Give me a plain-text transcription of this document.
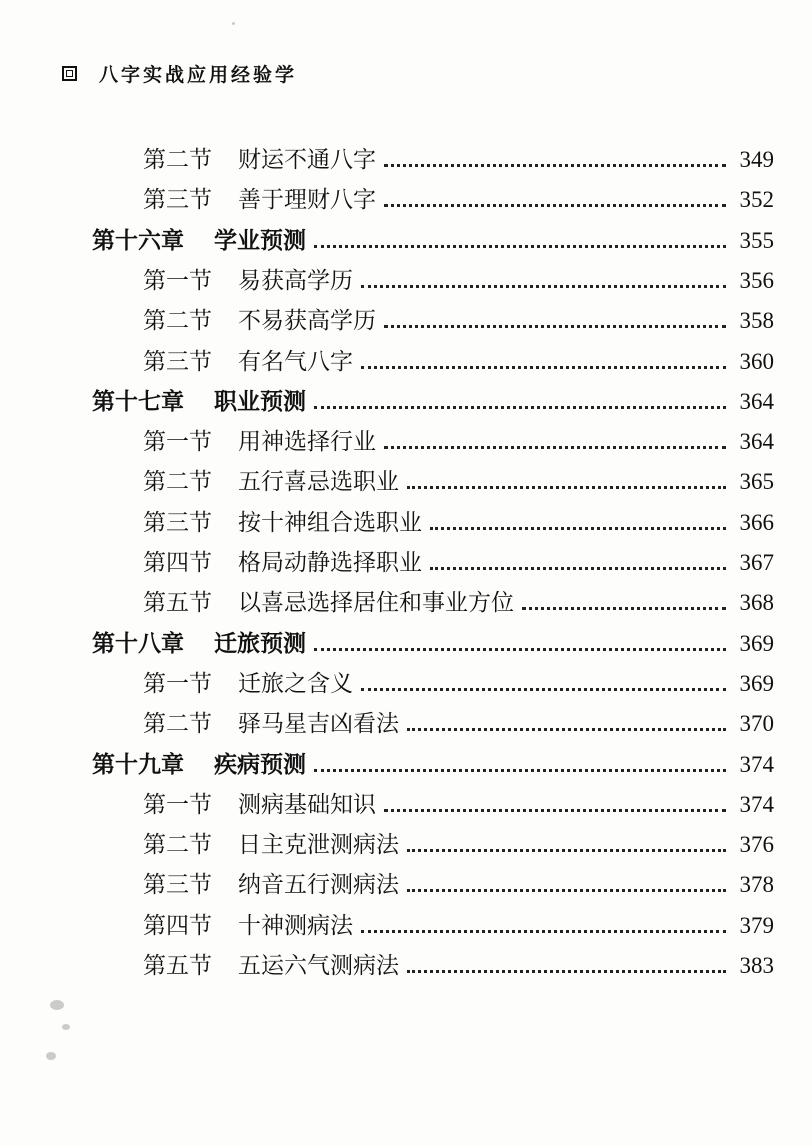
八字实战应用经验学
第二节 财运不通八字	349
第三节 善于理财八字	352
第十六章 学业预测	355
第一节 易获高学历	356
第二节 不易获高学历	358
第三节 有名气八字	360
第十七章 职业预测	364
第一节 用神选择行业	364
第二节 五行喜忌选职业	365
第三节 按十神组合选职业	366
第四节 格局动静选择职业	367
第五节 以喜忌选择居住和事业方位	368
第十八章 迁旅预测	369
第一节 迁旅之含义	369
第二节 驿马星吉凶看法	370
第十九章 疾病预测	374
第一节 测病基础知识	374
第二节 日主克泄测病法	376
第三节 纳音五行测病法	378
第四节 十神测病法	379
第五节 五运六气测病法	383
